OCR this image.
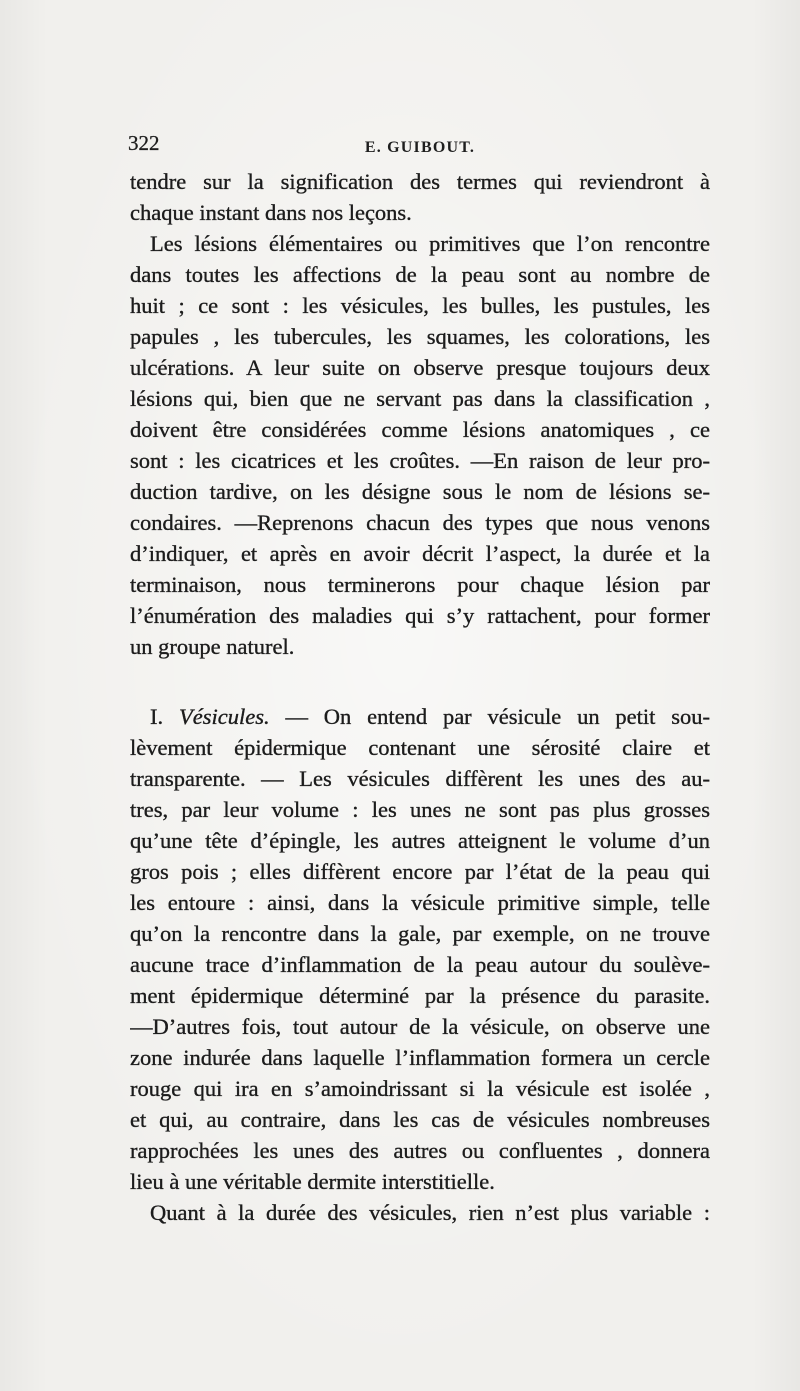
322	E. GUIBOUT.
tendre sur la signification des termes qui reviendront à
chaque instant dans nos leçons.
Les lésions élémentaires ou primitives que l’on rencontre
dans toutes les affections de la peau sont au nombre de
huit ; ce sont : les vésicules, les bulles, les pustules, les
papules , les tubercules, les squames, les colorations, les
ulcérations. A leur suite on observe presque toujours deux
lésions qui, bien que ne servant pas dans la classification ,
doivent être considérées comme lésions anatomiques , ce
sont : les cicatrices et les croûtes. —En raison de leur pro-
duction tardive, on les désigne sous le nom de lésions se-
condaires. —Reprenons chacun des types que nous venons
d’indiquer, et après en avoir décrit l’aspect, la durée et la
terminaison, nous terminerons pour chaque lésion par
l’énumération des maladies qui s’y rattachent, pour former
un groupe naturel.
I. Vésicules. — On entend par vésicule un petit sou-
lèvement épidermique contenant une sérosité claire et
transparente. — Les vésicules diffèrent les unes des au-
tres, par leur volume : les unes ne sont pas plus grosses
qu’une tête d’épingle, les autres atteignent le volume d’un
gros pois ; elles diffèrent encore par l’état de la peau qui
les entoure : ainsi, dans la vésicule primitive simple, telle
qu’on la rencontre dans la gale, par exemple, on ne trouve
aucune trace d’inflammation de la peau autour du soulève-
ment épidermique déterminé par la présence du parasite.
—D’autres fois, tout autour de la vésicule, on observe une
zone indurée dans laquelle l’inflammation formera un cercle
rouge qui ira en s’amoindrissant si la vésicule est isolée ,
et qui, au contraire, dans les cas de vésicules nombreuses
rapprochées les unes des autres ou confluentes , donnera
lieu à une véritable dermite interstitielle.
Quant à la durée des vésicules, rien n’est plus variable :
